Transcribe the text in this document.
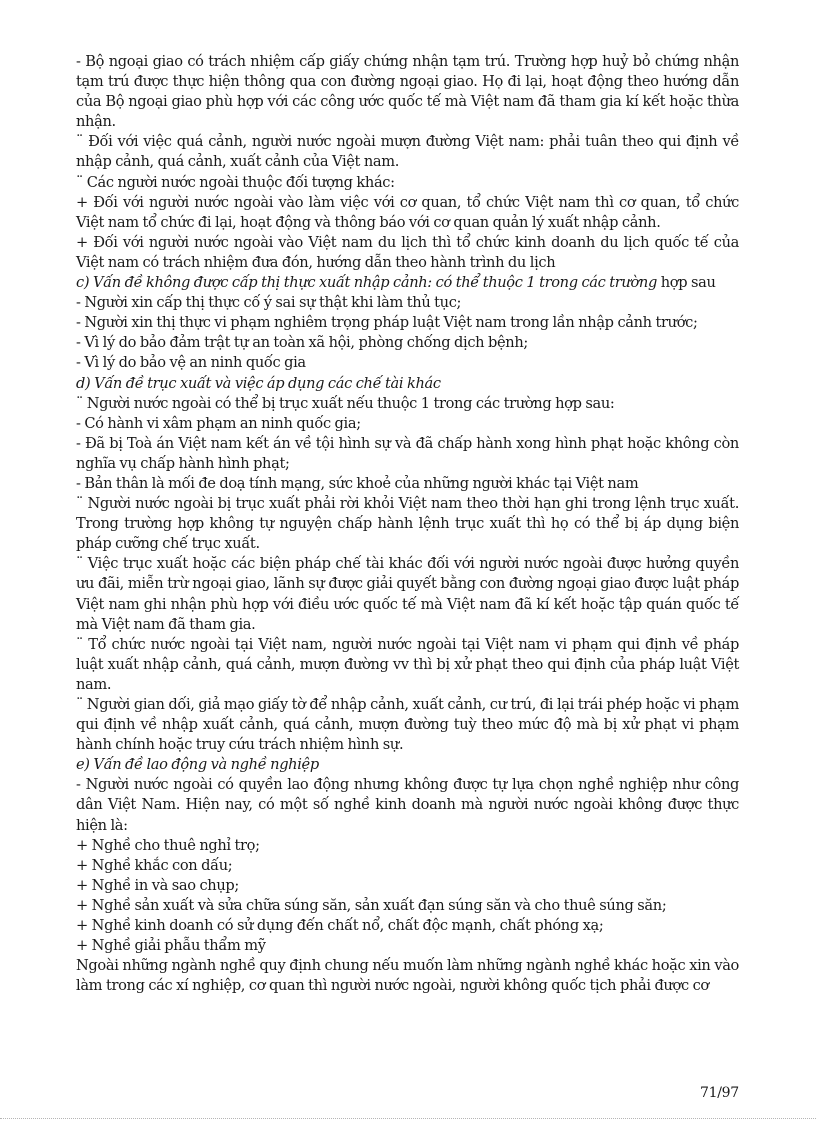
- Bộ ngoại giao có trách nhiệm cấp giấy chứng nhận tạm trú. Trường hợp huỷ bỏ chứng nhận tạm trú được thực hiện thông qua con đường ngoại giao. Họ đi lại, hoạt động theo hướng dẫn của Bộ ngoại giao phù hợp với các công ước quốc tế mà Việt nam đã tham gia kí kết hoặc thừa nhận.

¨ Đối với việc quá cảnh, người nước ngoài mượn đường Việt nam: phải tuân theo qui định về nhập cảnh, quá cảnh, xuất cảnh của Việt nam.

¨ Các người nước ngoài thuộc đối tượng khác:

+ Đối với người nước ngoài vào làm việc với cơ quan, tổ chức Việt nam thì cơ quan, tổ chức Việt nam tổ chức đi lại, hoạt động và thông báo với cơ quan quản lý xuất nhập cảnh.

+ Đối với người nước ngoài vào Việt nam du lịch thì tổ chức kinh doanh du lịch quốc tế của Việt nam có trách nhiệm đưa đón, hướng dẫn theo hành trình du lịch

c) Vấn đề không được cấp thị thực xuất nhập cảnh: có thể thuộc 1 trong các trường hợp sau

- Người xin cấp thị thực cố ý sai sự thật khi làm thủ tục;

- Người xin thị thực vi phạm nghiêm trọng pháp luật Việt nam trong lần nhập cảnh trước;

- Vì lý do bảo đảm trật tự an toàn xã hội, phòng chống dịch bệnh;

- Vì lý do bảo vệ an ninh quốc gia

d) Vấn đề trục xuất và việc áp dụng các chế tài khác

¨ Người nước ngoài có thể bị trục xuất nếu thuộc 1 trong các trường hợp sau:

- Có hành vi xâm phạm an ninh quốc gia;

- Đã bị Toà án Việt nam kết án về tội hình sự và đã chấp hành xong hình phạt hoặc không còn nghĩa vụ chấp hành hình phạt;

- Bản thân là mối đe doạ tính mạng, sức khoẻ của những người khác tại Việt nam

¨ Người nước ngoài bị trục xuất phải rời khỏi Việt nam theo thời hạn ghi trong lệnh trục xuất. Trong trường hợp không tự nguyện chấp hành lệnh trục xuất thì họ có thể bị áp dụng biện pháp cưỡng chế trục xuất.

¨ Việc trục xuất hoặc các biện pháp chế tài khác đối với người nước ngoài được hưởng quyền ưu đãi, miễn trừ ngoại giao, lãnh sự được giải quyết bằng con đường ngoại giao được luật pháp Việt nam ghi nhận phù hợp với điều ước quốc tế mà Việt nam đã kí kết hoặc tập quán quốc tế mà Việt nam đã tham gia.

¨ Tổ chức nước ngoài tại Việt nam, người nước ngoài tại Việt nam vi phạm qui định về pháp luật xuất nhập cảnh, quá cảnh, mượn đường vv thì bị xử phạt theo qui định của pháp luật Việt nam.

¨ Người gian dối, giả mạo giấy tờ để nhập cảnh, xuất cảnh, cư trú, đi lại trái phép hoặc vi phạm qui định về nhập xuất cảnh, quá cảnh, mượn đường tuỳ theo mức độ mà bị xử phạt vi phạm hành chính hoặc truy cứu trách nhiệm hình sự.

e) Vấn đề lao động và nghề nghiệp

- Người nước ngoài có quyền lao động nhưng không được tự lựa chọn nghề nghiệp như công dân Việt Nam. Hiện nay, có một số nghề kinh doanh mà người nước ngoài không được thực hiện là:

+ Nghề cho thuê nghỉ trọ;

+ Nghề khắc con dấu;

+ Nghề in và sao chụp;

+ Nghề sản xuất và sửa chữa súng săn, sản xuất đạn súng săn và cho thuê súng săn;

+ Nghề kinh doanh có sử dụng đến chất nổ, chất độc mạnh, chất phóng xạ;

+ Nghề giải phẫu thẩm mỹ

Ngoài những ngành nghề quy định chung nếu muốn làm những ngành nghề khác hoặc xin vào làm trong các xí nghiệp, cơ quan thì người nước ngoài, người không quốc tịch phải được cơ

71/97
